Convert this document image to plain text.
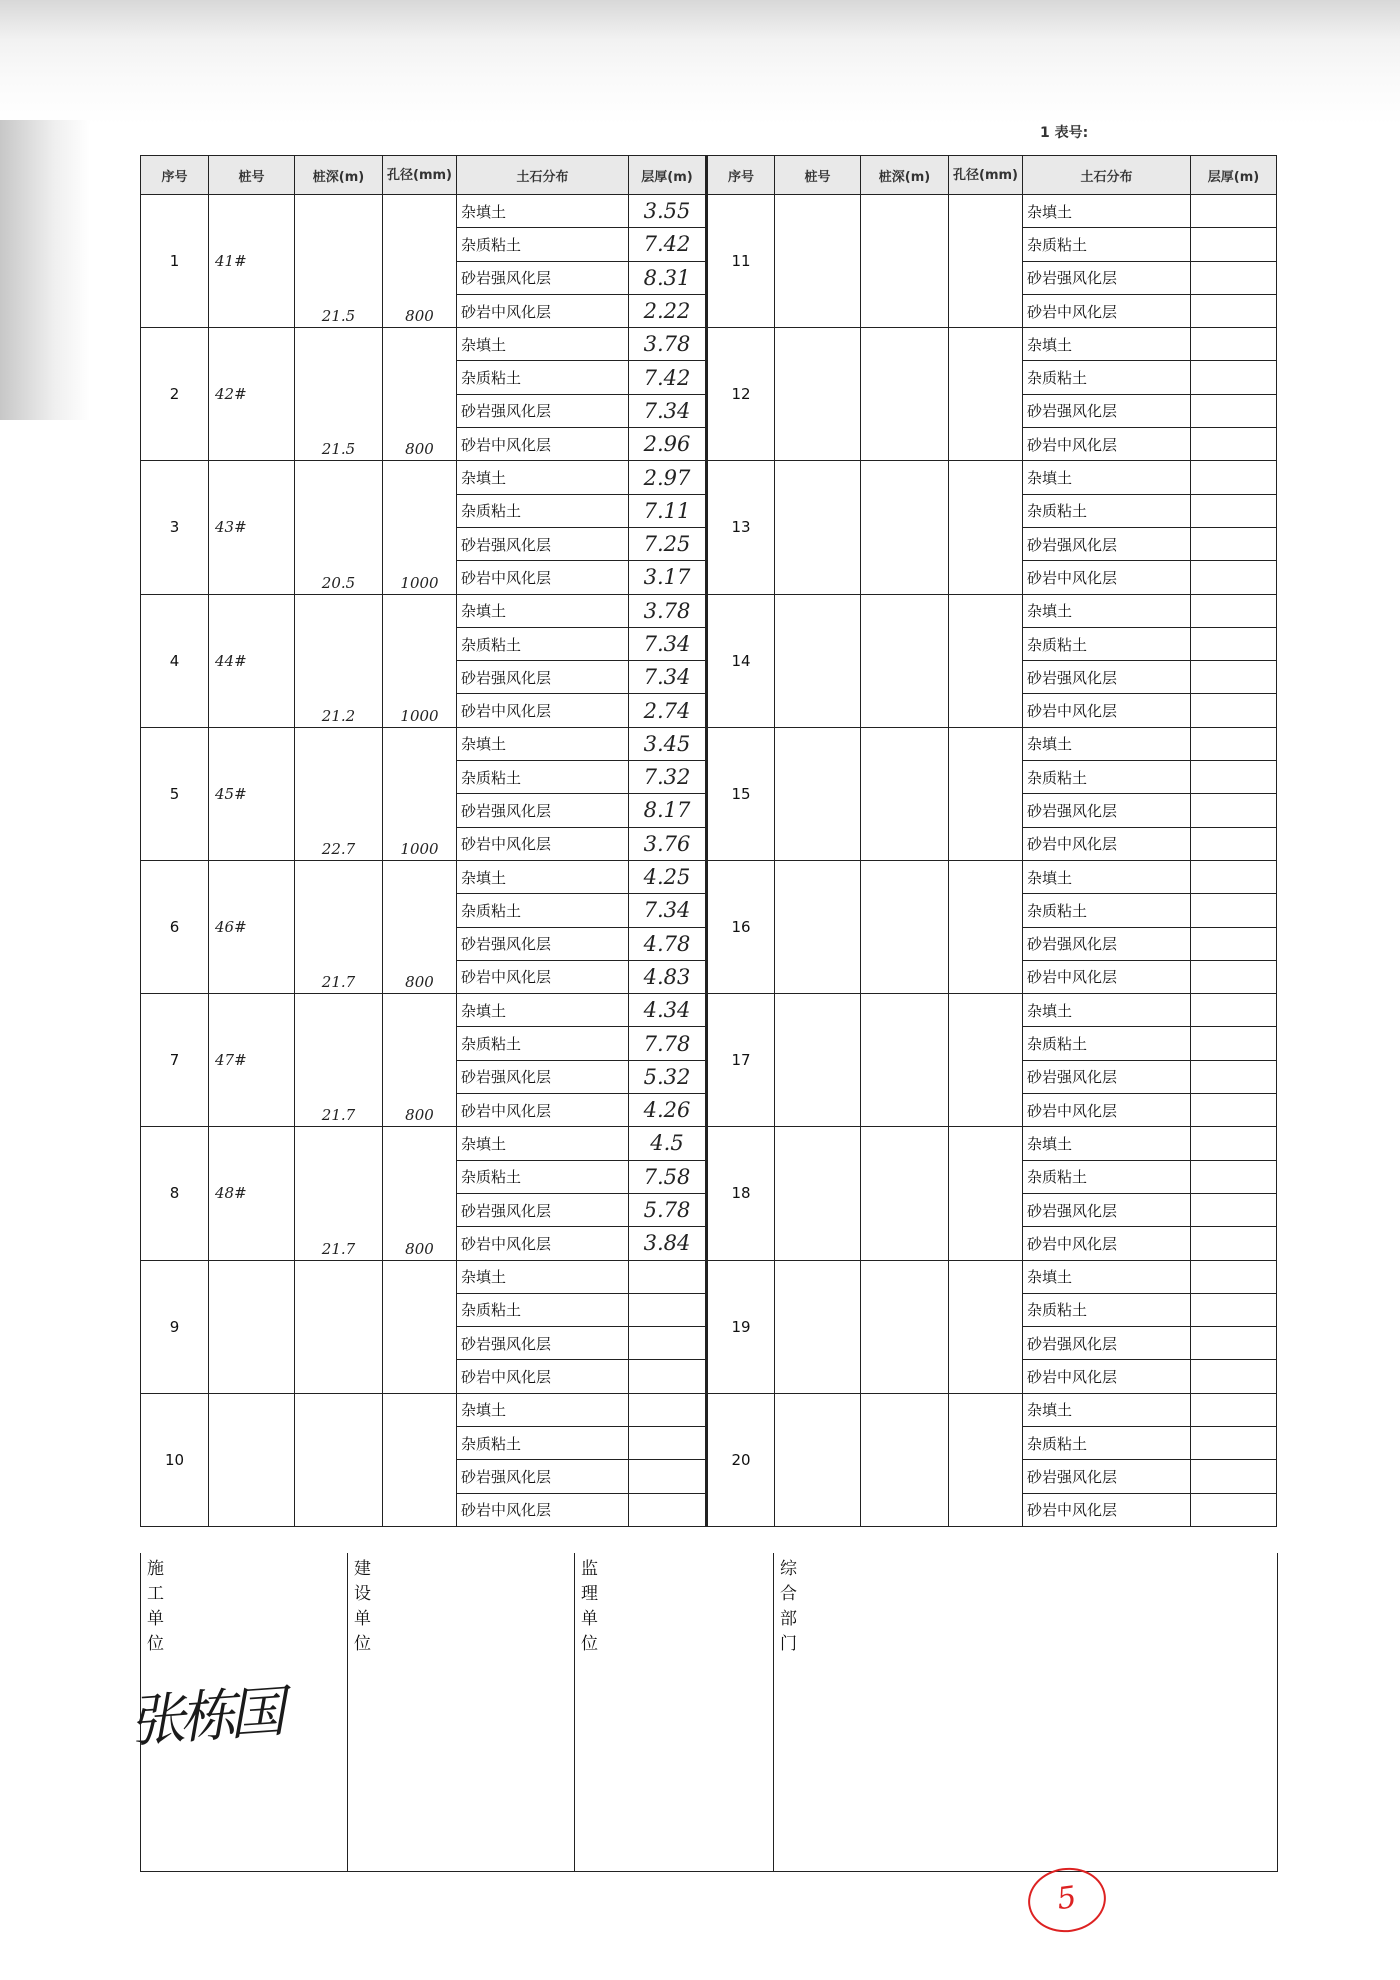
1 表号:
序号	桩号	桩深(m)	孔径(mm)	土石分布	层厚(m)	序号	桩号	桩深(m)	孔径(mm)	土石分布	层厚(m)
1	41#	21.5	800	杂填土	3.55	11				杂填土	
				杂质粘土	7.42					杂质粘土	
				砂岩强风化层	8.31					砂岩强风化层	
				砂岩中风化层	2.22					砂岩中风化层	
2	42#	21.5	800	杂填土	3.78	12				杂填土	
				杂质粘土	7.42					杂质粘土	
				砂岩强风化层	7.34					砂岩强风化层	
				砂岩中风化层	2.96					砂岩中风化层	
3	43#	20.5	1000	杂填土	2.97	13				杂填土	
				杂质粘土	7.11					杂质粘土	
				砂岩强风化层	7.25					砂岩强风化层	
				砂岩中风化层	3.17					砂岩中风化层	
4	44#	21.2	1000	杂填土	3.78	14				杂填土	
				杂质粘土	7.34					杂质粘土	
				砂岩强风化层	7.34					砂岩强风化层	
				砂岩中风化层	2.74					砂岩中风化层	
5	45#	22.7	1000	杂填土	3.45	15				杂填土	
				杂质粘土	7.32					杂质粘土	
				砂岩强风化层	8.17					砂岩强风化层	
				砂岩中风化层	3.76					砂岩中风化层	
6	46#	21.7	800	杂填土	4.25	16				杂填土	
				杂质粘土	7.34					杂质粘土	
				砂岩强风化层	4.78					砂岩强风化层	
				砂岩中风化层	4.83					砂岩中风化层	
7	47#	21.7	800	杂填土	4.34	17				杂填土	
				杂质粘土	7.78					杂质粘土	
				砂岩强风化层	5.32					砂岩强风化层	
				砂岩中风化层	4.26					砂岩中风化层	
8	48#	21.7	800	杂填土	4.5	18				杂填土	
				杂质粘土	7.58					杂质粘土	
				砂岩强风化层	5.78					砂岩强风化层	
				砂岩中风化层	3.84					砂岩中风化层	
9				杂填土		19				杂填土	
				杂质粘土						杂质粘土	
				砂岩强风化层						砂岩强风化层	
				砂岩中风化层						砂岩中风化层	
10				杂填土		20				杂填土	
				杂质粘土						杂质粘土	
				砂岩强风化层						砂岩强风化层	
				砂岩中风化层						砂岩中风化层	
施工单位
张栋国
建设单位
监理单位
综合部门
5
